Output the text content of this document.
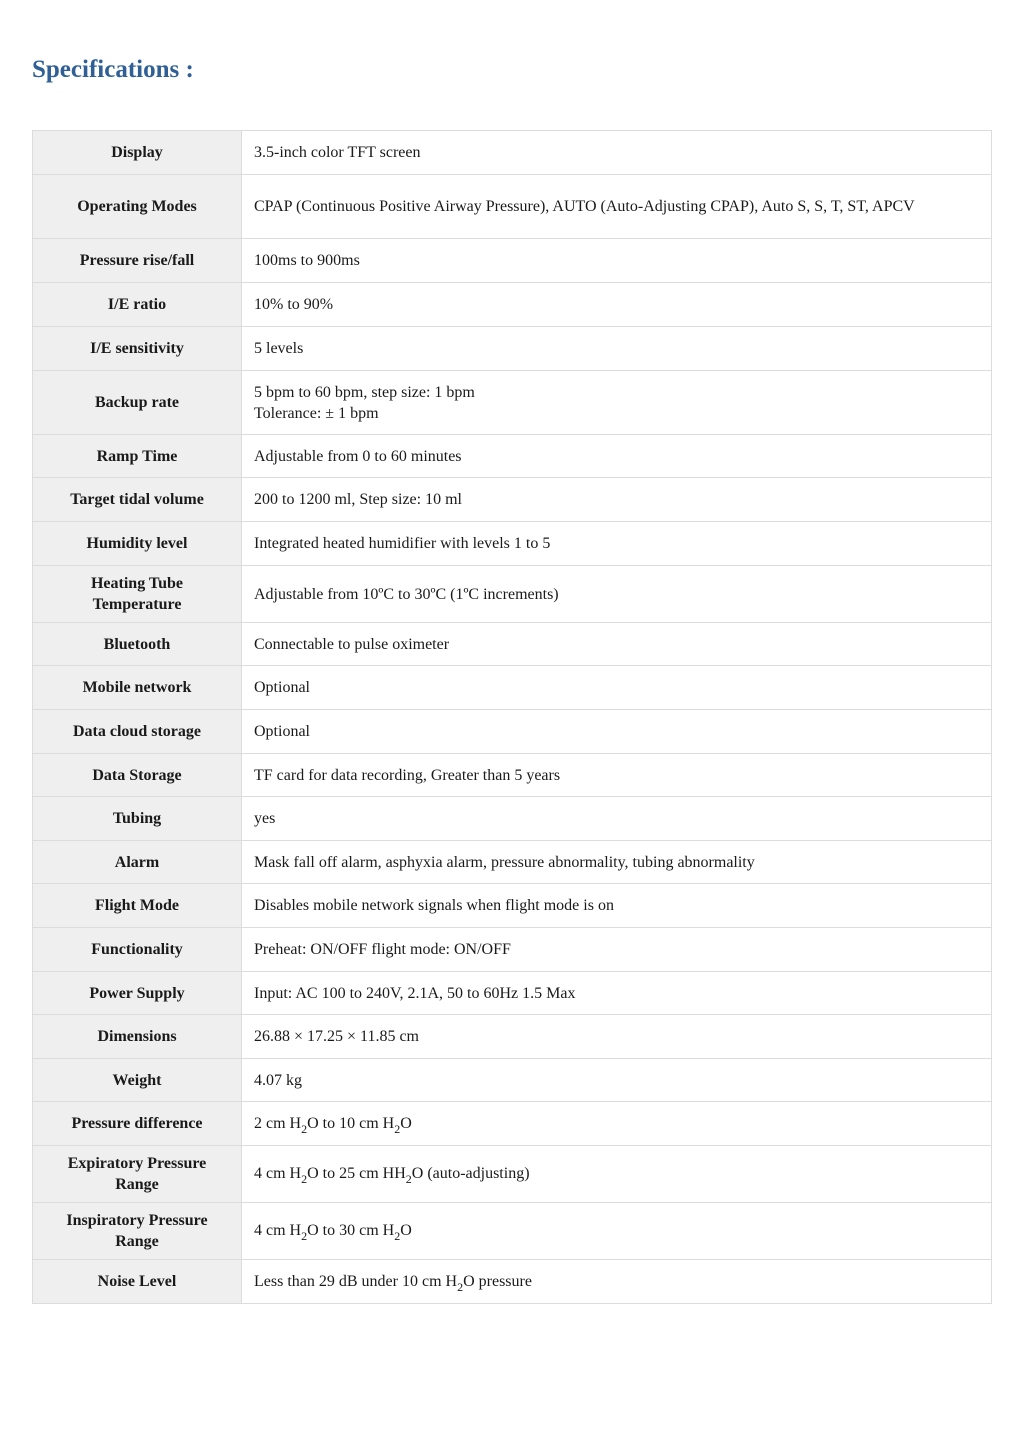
Specifications :
Display	3.5-inch color TFT screen
Operating Modes	CPAP (Continuous Positive Airway Pressure), AUTO (Auto-Adjusting CPAP), Auto S, S, T, ST, APCV
Pressure rise/fall	100ms to 900ms
I/E ratio	10% to 90%
I/E sensitivity	5 levels
Backup rate	5 bpm to 60 bpm, step size: 1 bpm
Tolerance: ± 1 bpm
Ramp Time	Adjustable from 0 to 60 minutes
Target tidal volume	200 to 1200 ml, Step size: 10 ml
Humidity level	Integrated heated humidifier with levels 1 to 5
Heating Tube Temperature	Adjustable from 10ºC to 30ºC (1ºC increments)
Bluetooth	Connectable to pulse oximeter
Mobile network	Optional
Data cloud storage	Optional
Data Storage	TF card for data recording, Greater than 5 years
Tubing	yes
Alarm	Mask fall off alarm, asphyxia alarm, pressure abnormality, tubing abnormality
Flight Mode	Disables mobile network signals when flight mode is on
Functionality	Preheat: ON/OFF flight mode: ON/OFF
Power Supply	Input: AC 100 to 240V, 2.1A, 50 to 60Hz 1.5 Max
Dimensions	26.88 × 17.25 × 11.85 cm
Weight	4.07 kg
Pressure difference	2 cm $H_2O$ to 10 cm $H_2O$
Expiratory Pressure Range	4 cm $H_2O$ to 25 cm $HH_2O$ (auto-adjusting)
Inspiratory Pressure Range	4 cm $H_2O$ to 30 cm $H_2O$
Noise Level	Less than 29 dB under 10 cm $H_2O$ pressure
